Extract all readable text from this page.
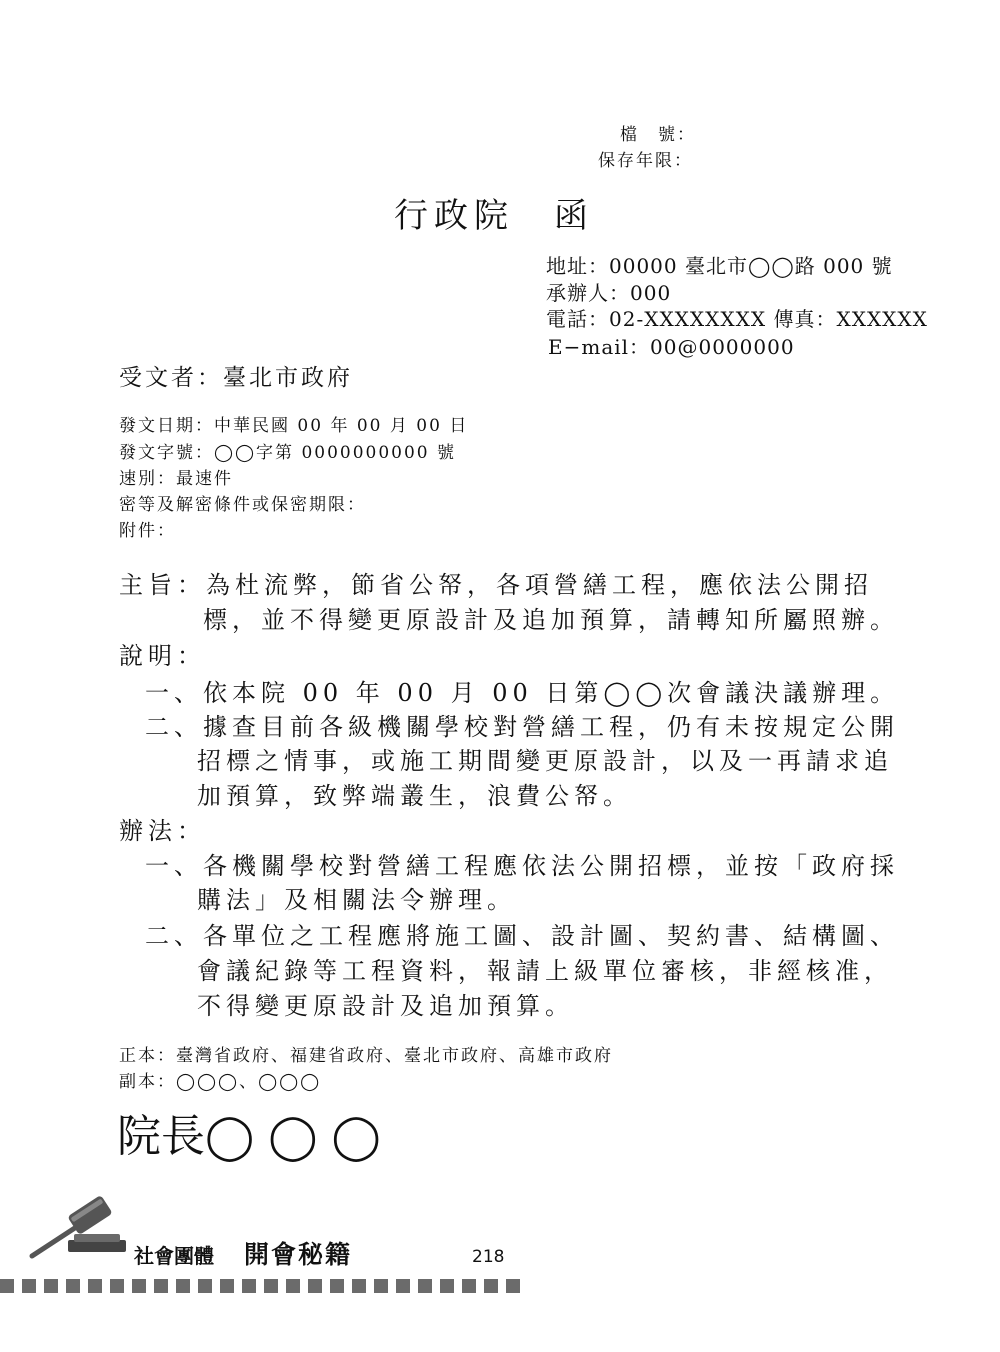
檔　號：
保存年限：
行政院　函
地址：00000 臺北市◯◯路 000 號
承辦人：000
電話：02-XXXXXXXX 傳真：XXXXXX
E−mail：00@0000000
受文者：臺北市政府
發文日期：中華民國 00 年 00 月 00 日
發文字號：◯◯字第 0000000000 號
速別：最速件
密等及解密條件或保密期限：
附件：
主旨：為杜流弊，節省公帑，各項營繕工程，應依法公開招
標，並不得變更原設計及追加預算，請轉知所屬照辦。
說明：
一、依本院 00 年 00 月 00 日第◯◯次會議決議辦理。
二、據查目前各級機關學校對營繕工程，仍有未按規定公開
招標之情事，或施工期間變更原設計，以及一再請求追
加預算，致弊端叢生，浪費公帑。
辦法：
一、各機關學校對營繕工程應依法公開招標，並按「政府採
購法」及相關法令辦理。
二、各單位之工程應將施工圖、設計圖、契約書、結構圖、
會議紀錄等工程資料，報請上級單位審核，非經核准，
不得變更原設計及追加預算。
正本：臺灣省政府、福建省政府、臺北市政府、高雄市政府
副本：◯◯◯、◯◯◯
院長◯ ◯ ◯
社會團體 開會秘籍	218
